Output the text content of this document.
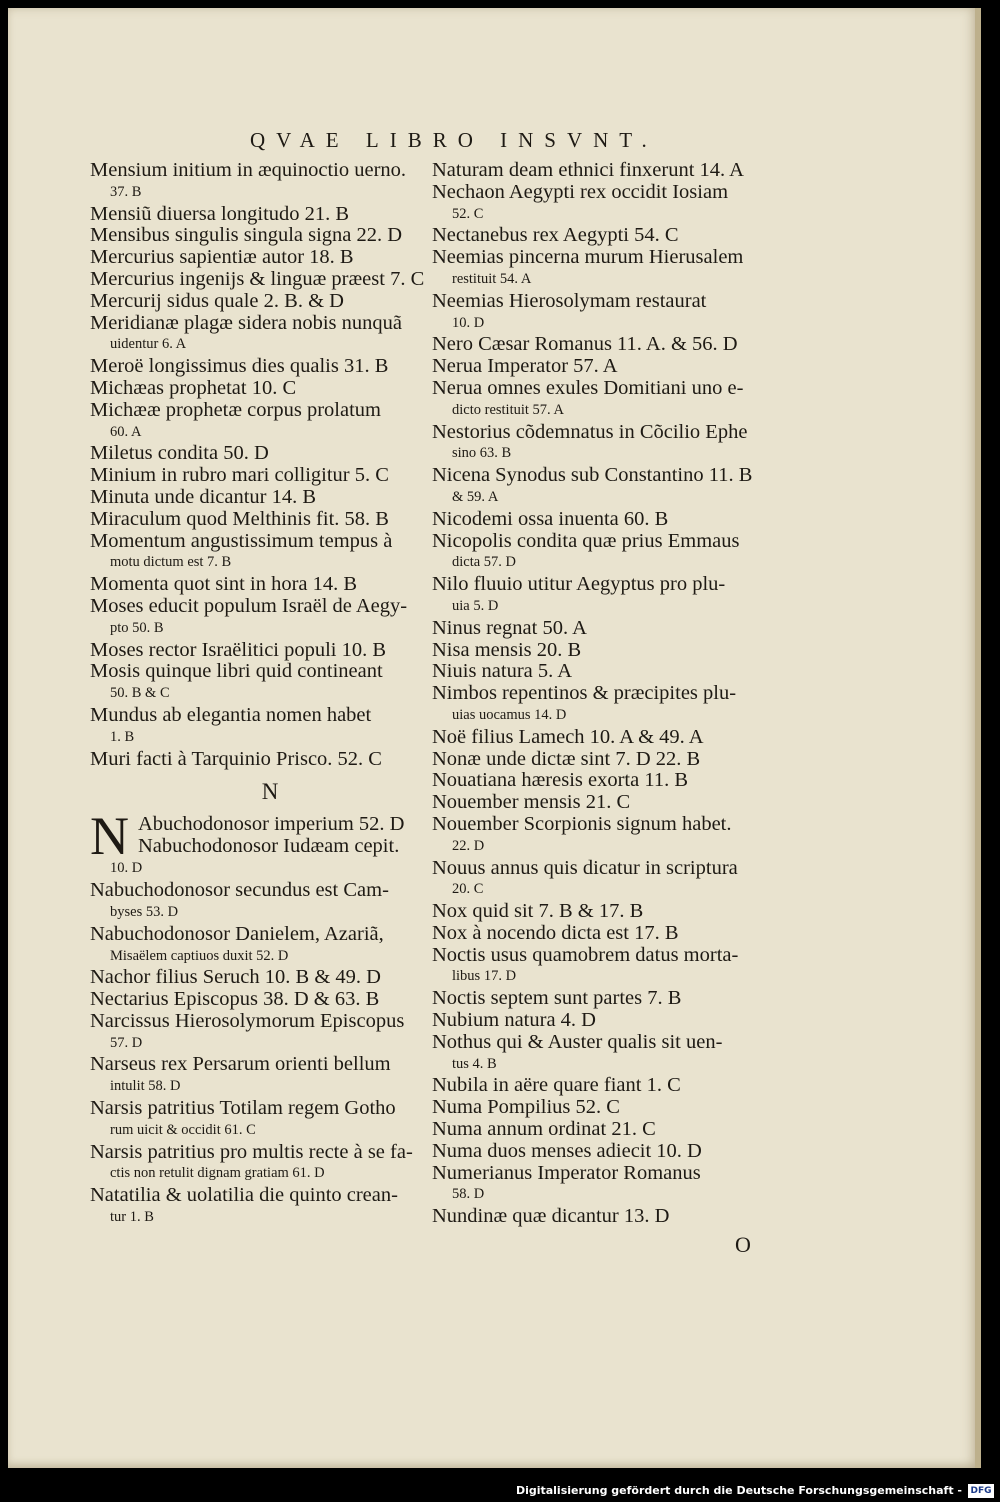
QVAE LIBRO INSVNT.
Mensium initium in æquinoctio uerno.
37. B
Mensiũ diuersa longitudo 21. B
Mensibus singulis singula signa 22. D
Mercurius sapientiæ autor 18. B
Mercurius ingenijs & linguæ præest 7. C
Mercurij sidus quale 2. B. & D
Meridianæ plagæ sidera nobis nunquã
uidentur 6. A
Meroë longissimus dies qualis 31. B
Michæas prophetat 10. C
Michææ prophetæ corpus prolatum
60. A
Miletus condita 50. D
Minium in rubro mari colligitur 5. C
Minuta unde dicantur 14. B
Miraculum quod Melthinis fit. 58. B
Momentum angustissimum tempus à
motu dictum est 7. B
Momenta quot sint in hora 14. B
Moses educit populum Israël de Aegy-
pto 50. B
Moses rector Israëlitici populi 10. B
Mosis quinque libri quid contineant
50. B & C
Mundus ab elegantia nomen habet
1. B
Muri facti à Tarquinio Prisco. 52. C
N
N Abuchodonosor imperium 52. D
Nabuchodonosor Iudæam cepit.
10. D
Nabuchodonosor secundus est Cam-
byses 53. D
Nabuchodonosor Danielem, Azariã,
Misaëlem captiuos duxit 52. D
Nachor filius Seruch 10. B & 49. D
Nectarius Episcopus 38. D & 63. B
Narcissus Hierosolymorum Episcopus
57. D
Narseus rex Persarum orienti bellum
intulit 58. D
Narsis patritius Totilam regem Gotho
rum uicit & occidit 61. C
Narsis patritius pro multis recte à se fa-
ctis non retulit dignam gratiam 61. D
Natatilia & uolatilia die quinto crean-
tur 1. B
Naturam deam ethnici finxerunt 14. A
Nechaon Aegypti rex occidit Iosiam
52. C
Nectanebus rex Aegypti 54. C
Neemias pincerna murum Hierusalem
restituit 54. A
Neemias Hierosolymam restaurat
10. D
Nero Cæsar Romanus 11. A. & 56. D
Nerua Imperator 57. A
Nerua omnes exules Domitiani uno e-
dicto restituit 57. A
Nestorius cõdemnatus in Cõcilio Ephe
sino 63. B
Nicena Synodus sub Constantino 11. B
& 59. A
Nicodemi ossa inuenta 60. B
Nicopolis condita quæ prius Emmaus
dicta 57. D
Nilo fluuio utitur Aegyptus pro plu-
uia 5. D
Ninus regnat 50. A
Nisa mensis 20. B
Niuis natura 5. A
Nimbos repentinos & præcipites plu-
uias uocamus 14. D
Noë filius Lamech 10. A & 49. A
Nonæ unde dictæ sint 7. D 22. B
Nouatiana hæresis exorta 11. B
Nouember mensis 21. C
Nouember Scorpionis signum habet.
22. D
Nouus annus quis dicatur in scriptura
20. C
Nox quid sit 7. B & 17. B
Nox à nocendo dicta est 17. B
Noctis usus quamobrem datus morta-
libus 17. D
Noctis septem sunt partes 7. B
Nubium natura 4. D
Nothus qui & Auster qualis sit uen-
tus 4. B
Nubila in aëre quare fiant 1. C
Numa Pompilius 52. C
Numa annum ordinat 21. C
Numa duos menses adiecit 10. D
Numerianus Imperator Romanus
58. D
Nundinæ quæ dicantur 13. D
O
Digitalisierung gefördert durch die Deutsche Forschungsgemeinschaft - DFG
